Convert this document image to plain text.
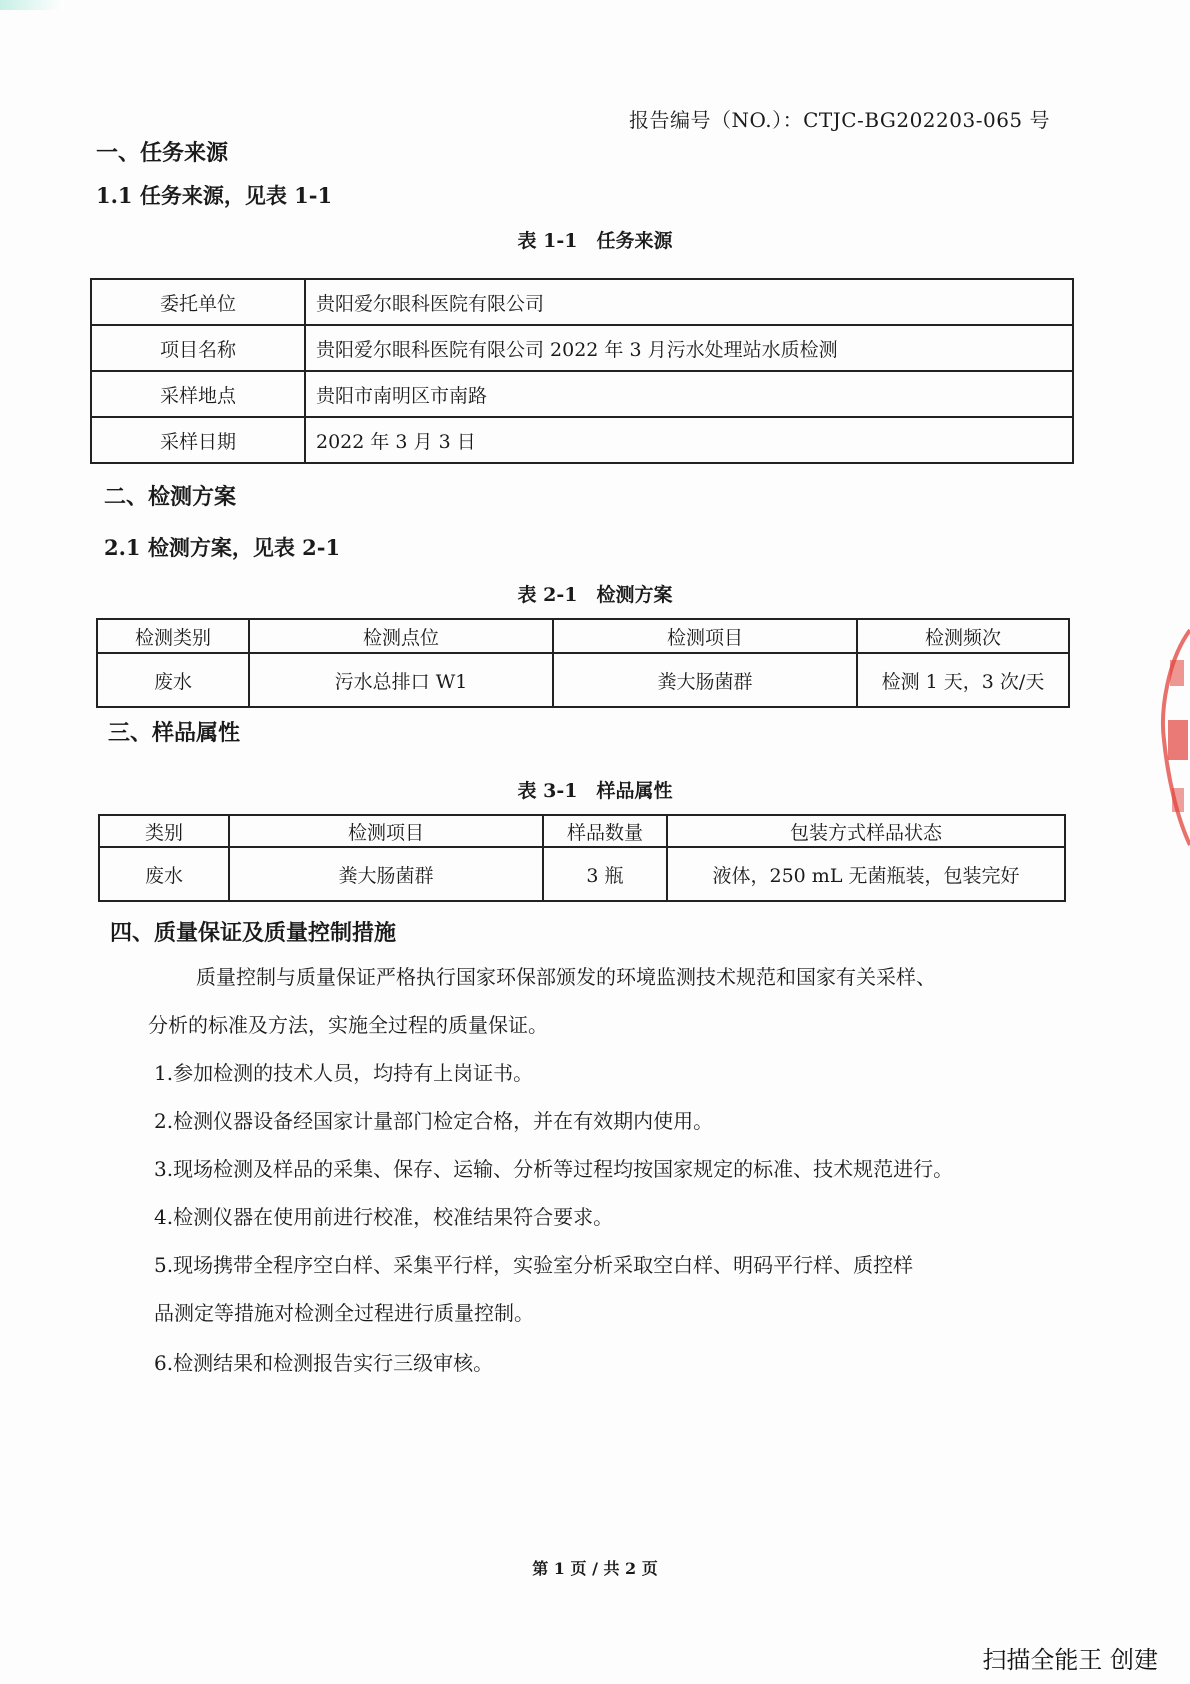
报告编号（NO.）：CTJC-BG202203-065 号
一、任务来源
1.1 任务来源，见表 1-1
表 1-1　任务来源
委托单位	贵阳爱尔眼科医院有限公司
项目名称	贵阳爱尔眼科医院有限公司 2022 年 3 月污水处理站水质检测
采样地点	贵阳市南明区市南路
采样日期	2022 年 3 月 3 日
二、检测方案
2.1 检测方案，见表 2-1
表 2-1　检测方案
检测类别	检测点位	检测项目	检测频次
废水	污水总排口 W1	粪大肠菌群	检测 1 天，3 次/天
三、样品属性
表 3-1　样品属性
类别	检测项目	样品数量	包装方式样品状态
废水	粪大肠菌群	3 瓶	液体，250 mL 无菌瓶装，包装完好
四、质量保证及质量控制措施
质量控制与质量保证严格执行国家环保部颁发的环境监测技术规范和国家有关采样、
分析的标准及方法，实施全过程的质量保证。
1.参加检测的技术人员，均持有上岗证书。
2.检测仪器设备经国家计量部门检定合格，并在有效期内使用。
3.现场检测及样品的采集、保存、运输、分析等过程均按国家规定的标准、技术规范进行。
4.检测仪器在使用前进行校准，校准结果符合要求。
5.现场携带全程序空白样、采集平行样，实验室分析采取空白样、明码平行样、质控样
品测定等措施对检测全过程进行质量控制。
6.检测结果和检测报告实行三级审核。
第 1 页 / 共 2 页
扫描全能王 创建
